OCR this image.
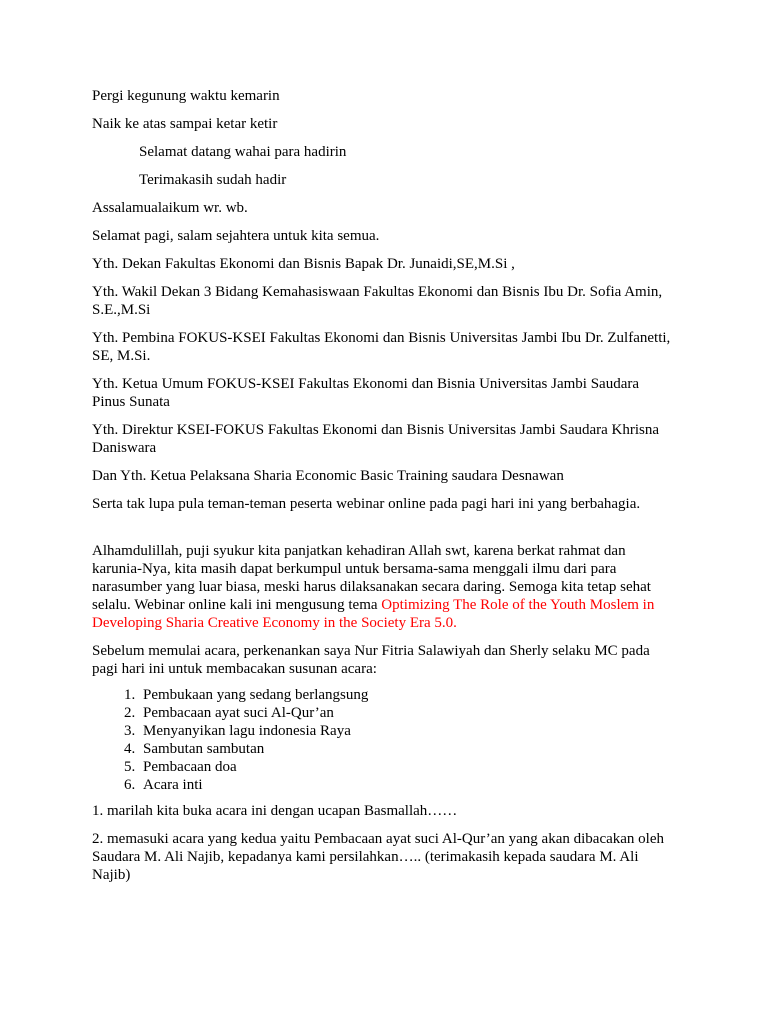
Pergi kegunung waktu kemarin

Naik ke atas sampai ketar ketir

Selamat datang wahai para hadirin

Terimakasih sudah hadir

Assalamualaikum wr. wb.

Selamat pagi, salam sejahtera untuk kita semua.

Yth. Dekan Fakultas Ekonomi dan Bisnis Bapak Dr. Junaidi,SE,M.Si ,

Yth. Wakil Dekan 3 Bidang Kemahasiswaan Fakultas Ekonomi dan Bisnis Ibu Dr. Sofia Amin, S.E.,M.Si

Yth. Pembina FOKUS-KSEI Fakultas Ekonomi dan Bisnis Universitas Jambi Ibu Dr. Zulfanetti, SE, M.Si.

Yth. Ketua Umum FOKUS-KSEI Fakultas Ekonomi dan Bisnia Universitas Jambi Saudara Pinus Sunata

Yth. Direktur KSEI-FOKUS Fakultas Ekonomi dan Bisnis Universitas Jambi Saudara Khrisna Daniswara

Dan Yth. Ketua Pelaksana Sharia Economic Basic Training saudara Desnawan

Serta tak lupa pula teman-teman peserta webinar online pada pagi hari ini yang berbahagia.

Alhamdulillah, puji syukur kita panjatkan kehadiran Allah swt, karena berkat rahmat dan karunia-Nya, kita masih dapat berkumpul untuk bersama-sama menggali ilmu dari para narasumber yang luar biasa, meski harus dilaksanakan secara daring. Semoga kita tetap sehat selalu. Webinar online kali ini mengusung tema Optimizing The Role of the Youth Moslem in Developing Sharia Creative Economy in the Society Era 5.0.

Sebelum memulai acara, perkenankan saya Nur Fitria Salawiyah dan Sherly selaku MC pada pagi hari ini untuk membacakan susunan acara:

1. Pembukaan yang sedang berlangsung
2. Pembacaan ayat suci Al-Qur’an
3. Menyanyikan lagu indonesia Raya
4. Sambutan sambutan
5. Pembacaan doa
6. Acara inti

1. marilah kita buka acara ini dengan ucapan Basmallah……

2. memasuki acara yang kedua yaitu Pembacaan ayat suci Al-Qur’an yang akan dibacakan oleh Saudara M. Ali Najib, kepadanya kami persilahkan….. (terimakasih kepada saudara M. Ali Najib)
